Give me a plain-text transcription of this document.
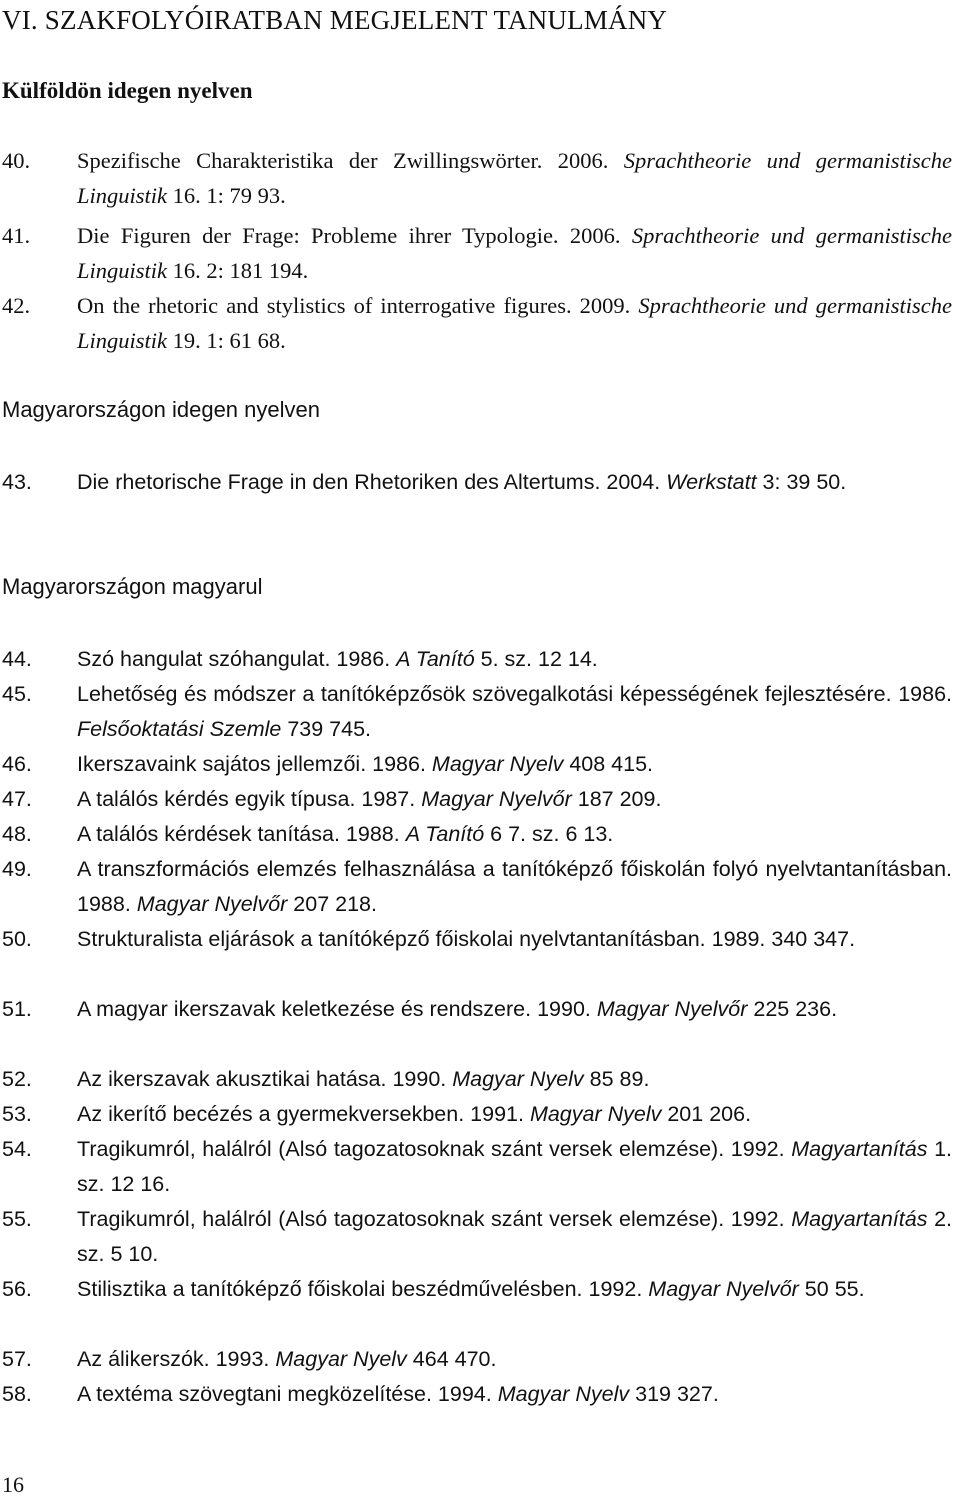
VI. SZAKFOLYÓIRATBAN MEGJELENT TANULMÁNY
Külföldön idegen nyelven
40. Spezifische Charakteristika der Zwillingswörter. 2006. Sprachtheorie und germanistische Linguistik 16. 1: 79 93.
41. Die Figuren der Frage: Probleme ihrer Typologie. 2006. Sprachtheorie und germanistische Linguistik 16. 2: 181 194.
42. On the rhetoric and stylistics of interrogative figures. 2009. Sprachtheorie und germanistische Linguistik 19. 1: 61 68.
Magyarországon idegen nyelven
43. Die rhetorische Frage in den Rhetoriken des Altertums. 2004. Werkstatt 3: 39 50.
Magyarországon magyarul
44. Szó hangulat szóhangulat. 1986. A Tanító 5. sz. 12 14.
45. Lehetőség és módszer a tanítóképzősök szövegalkotási képességének fejlesztésére. 1986. Felsőoktatási Szemle 739 745.
46. Ikerszavaink sajátos jellemzői. 1986. Magyar Nyelv 408 415.
47. A találós kérdés egyik típusa. 1987. Magyar Nyelvőr 187 209.
48. A találós kérdések tanítása. 1988. A Tanító 6 7. sz. 6 13.
49. A transzformációs elemzés felhasználása a tanítóképző főiskolán folyó nyelvtantanításban. 1988. Magyar Nyelvőr 207 218.
50. Strukturalista eljárások a tanítóképző főiskolai nyelvtantanításban. 1989. 340 347.
51. A magyar ikerszavak keletkezése és rendszere. 1990. Magyar Nyelvőr 225 236.
52. Az ikerszavak akusztikai hatása. 1990. Magyar Nyelv 85 89.
53. Az ikerítő becézés a gyermekversekben. 1991. Magyar Nyelv 201 206.
54. Tragikumról, halálról (Alsó tagozatosoknak szánt versek elemzése). 1992. Magyartanítás 1. sz. 12 16.
55. Tragikumról, halálról (Alsó tagozatosoknak szánt versek elemzése). 1992. Magyartanítás 2. sz. 5 10.
56. Stilisztika a tanítóképző főiskolai beszédművelésben. 1992. Magyar Nyelvőr 50 55.
57. Az álikerszók. 1993. Magyar Nyelv 464 470.
58. A textéma szövegtani megközelítése. 1994. Magyar Nyelv 319 327.
16
